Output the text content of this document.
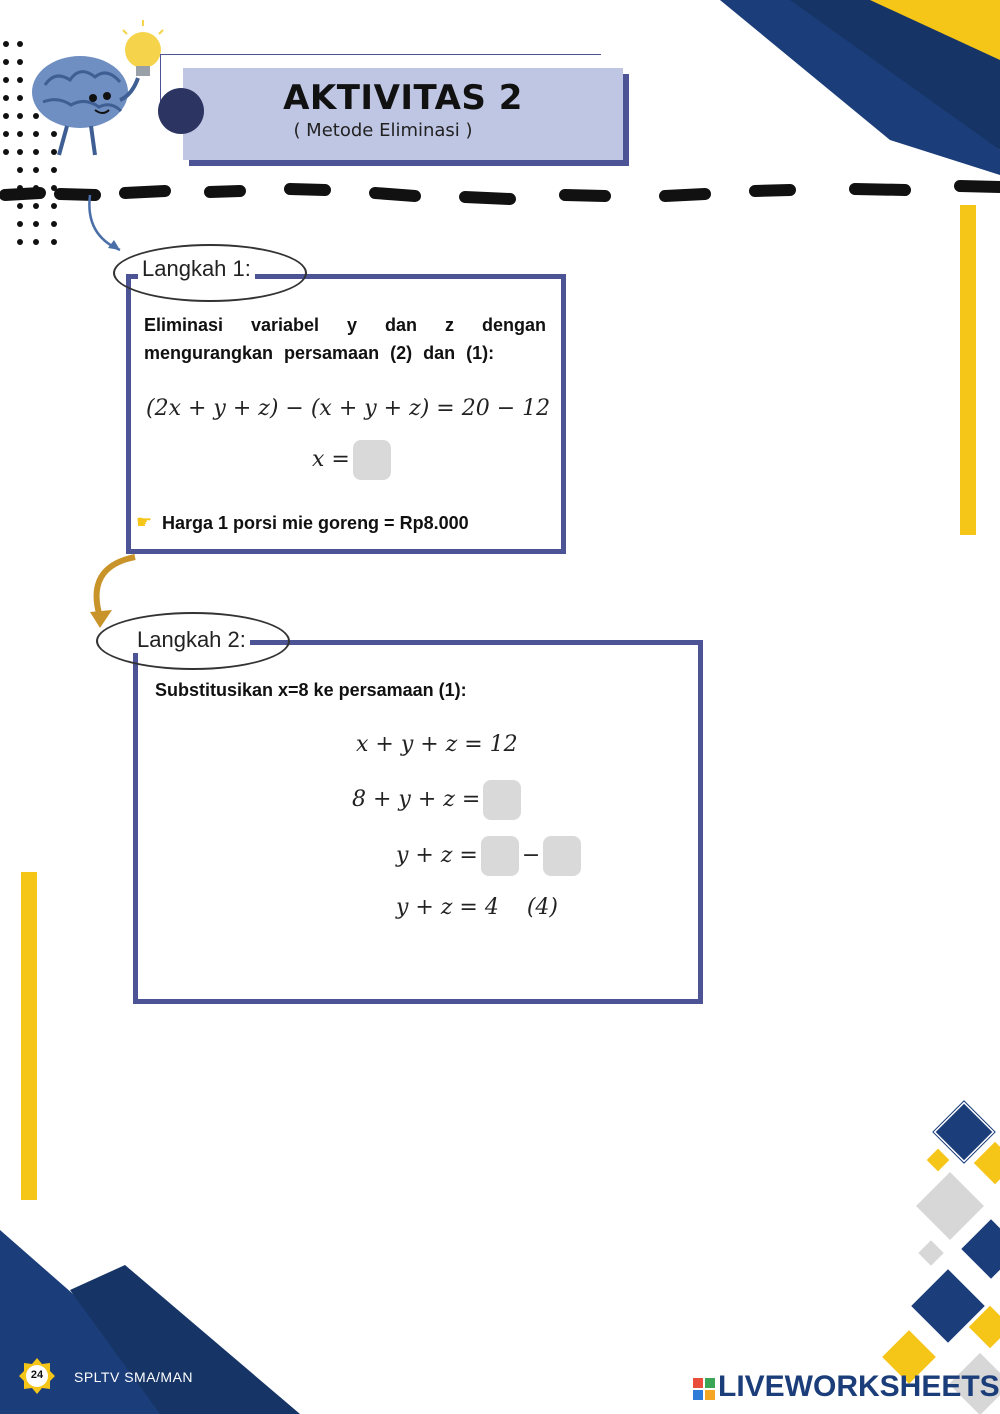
AKTIVITAS 2
( Metode Eliminasi )
Langkah 1:
Eliminasi variabel y dan z dengan mengurangkan persamaan (2) dan (1):
(2x + y + z) − (x + y + z) = 20 − 12
x =
☛ Harga 1 porsi mie goreng = Rp8.000
Langkah 2:
Substitusikan x=8 ke persamaan (1):
x + y + z = 12
8 + y + z =
y + z = −
y + z = 4    (4)
24	SPLTV SMA/MAN	LIVEWORKSHEETS
